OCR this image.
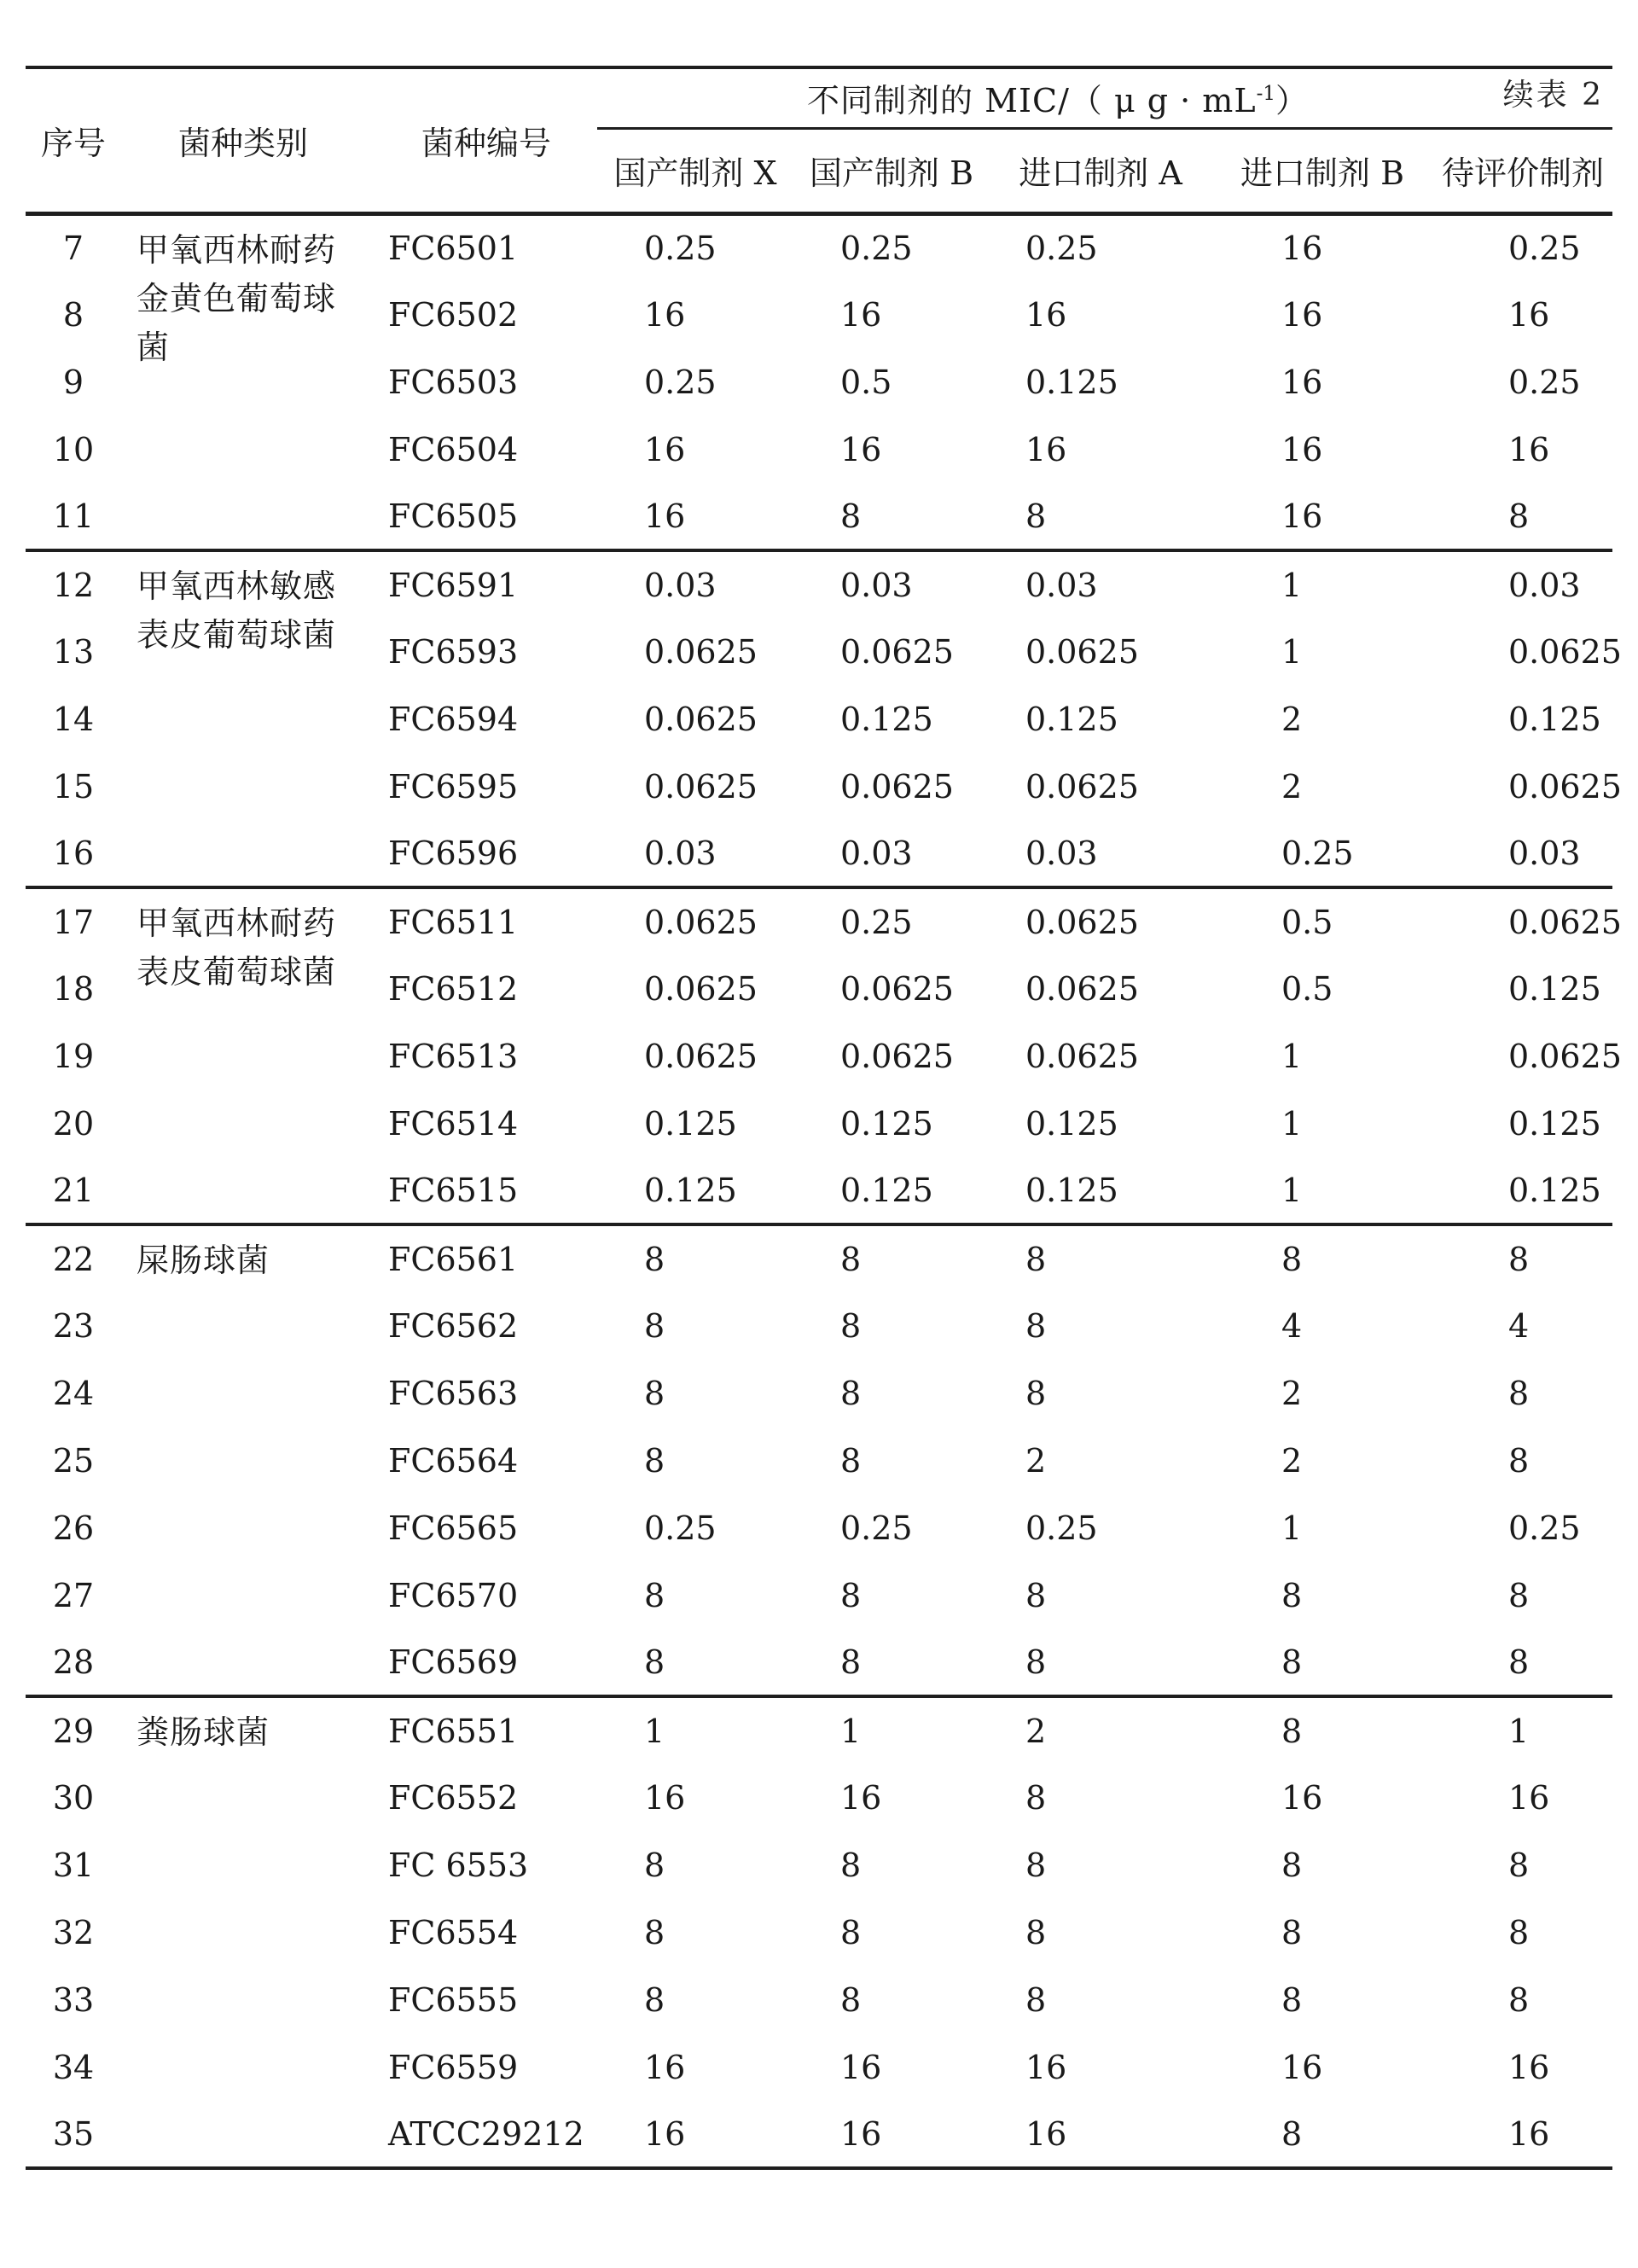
续表 2
序号	菌种类别	菌种编号	不同制剂的 MIC/（ μ $g \cdot mL^{-1}$）				
			国产制剂 X	国产制剂 B	进口制剂 A	进口制剂 B	待评价制剂
7	甲氧西林耐药
金黄色葡萄球
菌	FC6501	0.25	0.25	0.25	16	0.25
8		FC6502	16	16	16	16	16
9		FC6503	0.25	0.5	0.125	16	0.25
10		FC6504	16	16	16	16	16
11		FC6505	16	8	8	16	8
12	甲氧西林敏感
表皮葡萄球菌	FC6591	0.03	0.03	0.03	1	0.03
13		FC6593	0.0625	0.0625	0.0625	1	0.0625
14		FC6594	0.0625	0.125	0.125	2	0.125
15		FC6595	0.0625	0.0625	0.0625	2	0.0625
16		FC6596	0.03	0.03	0.03	0.25	0.03
17	甲氧西林耐药
表皮葡萄球菌	FC6511	0.0625	0.25	0.0625	0.5	0.0625
18		FC6512	0.0625	0.0625	0.0625	0.5	0.125
19		FC6513	0.0625	0.0625	0.0625	1	0.0625
20		FC6514	0.125	0.125	0.125	1	0.125
21		FC6515	0.125	0.125	0.125	1	0.125
22	屎肠球菌	FC6561	8	8	8	8	8
23		FC6562	8	8	8	4	4
24		FC6563	8	8	8	2	8
25		FC6564	8	8	2	2	8
26		FC6565	0.25	0.25	0.25	1	0.25
27		FC6570	8	8	8	8	8
28		FC6569	8	8	8	8	8
29	粪肠球菌	FC6551	1	1	2	8	1
30		FC6552	16	16	8	16	16
31		FC 6553	8	8	8	8	8
32		FC6554	8	8	8	8	8
33		FC6555	8	8	8	8	8
34		FC6559	16	16	16	16	16
35		ATCC29212	16	16	16	8	16
